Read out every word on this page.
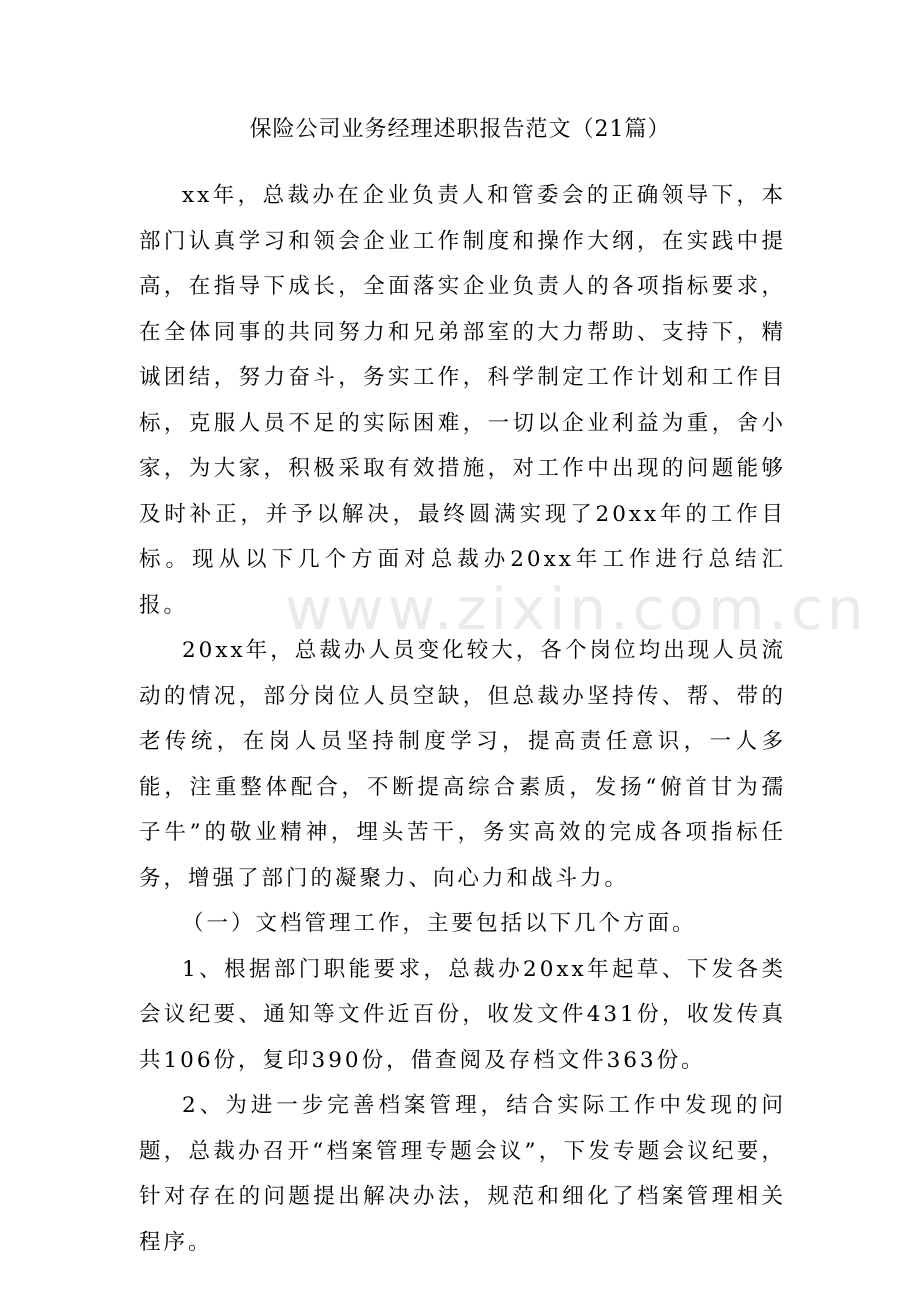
保险公司业务经理述职报告范文（21篇）

xx年，总裁办在企业负责人和管委会的正确领导下，本部门认真学习和领会企业工作制度和操作大纲，在实践中提高，在指导下成长，全面落实企业负责人的各项指标要求，在全体同事的共同努力和兄弟部室的大力帮助、支持下，精诚团结，努力奋斗，务实工作，科学制定工作计划和工作目标，克服人员不足的实际困难，一切以企业利益为重，舍小家，为大家，积极采取有效措施，对工作中出现的问题能够及时补正，并予以解决，最终圆满实现了20xx年的工作目标。现从以下几个方面对总裁办20xx年工作进行总结汇报。

20xx年，总裁办人员变化较大，各个岗位均出现人员流动的情况，部分岗位人员空缺，但总裁办坚持传、帮、带的老传统，在岗人员坚持制度学习，提高责任意识，一人多能，注重整体配合，不断提高综合素质，发扬“俯首甘为孺子牛”的敬业精神，埋头苦干，务实高效的完成各项指标任务，增强了部门的凝聚力、向心力和战斗力。

（一）文档管理工作，主要包括以下几个方面。

1、根据部门职能要求，总裁办20xx年起草、下发各类会议纪要、通知等文件近百份，收发文件431份，收发传真共106份，复印390份，借查阅及存档文件363份。

2、为进一步完善档案管理，结合实际工作中发现的问题，总裁办召开“档案管理专题会议”，下发专题会议纪要，针对存在的问题提出解决办法，规范和细化了档案管理相关程序。

www.zixin.com.cn
